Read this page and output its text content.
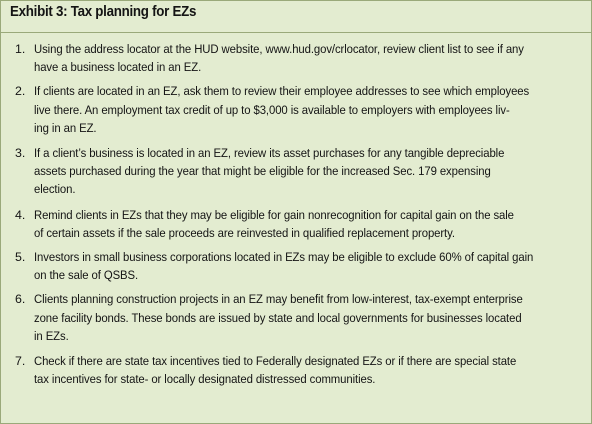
Exhibit 3: Tax planning for EZs
1. Using the address locator at the HUD website, www.hud.gov/crlocator, review client list to see if any
have a business located in an EZ.
2. If clients are located in an EZ, ask them to review their employee addresses to see which employees
live there. An employment tax credit of up to $3,000 is available to employers with employees liv-
ing in an EZ.
3. If a client’s business is located in an EZ, review its asset purchases for any tangible depreciable
assets purchased during the year that might be eligible for the increased Sec. 179 expensing
election.
4. Remind clients in EZs that they may be eligible for gain nonrecognition for capital gain on the sale
of certain assets if the sale proceeds are reinvested in qualified replacement property.
5. Investors in small business corporations located in EZs may be eligible to exclude 60% of capital gain
on the sale of QSBS.
6. Clients planning construction projects in an EZ may benefit from low-interest, tax-exempt enterprise
zone facility bonds. These bonds are issued by state and local governments for businesses located
in EZs.
7. Check if there are state tax incentives tied to Federally designated EZs or if there are special state
tax incentives for state- or locally designated distressed communities.
